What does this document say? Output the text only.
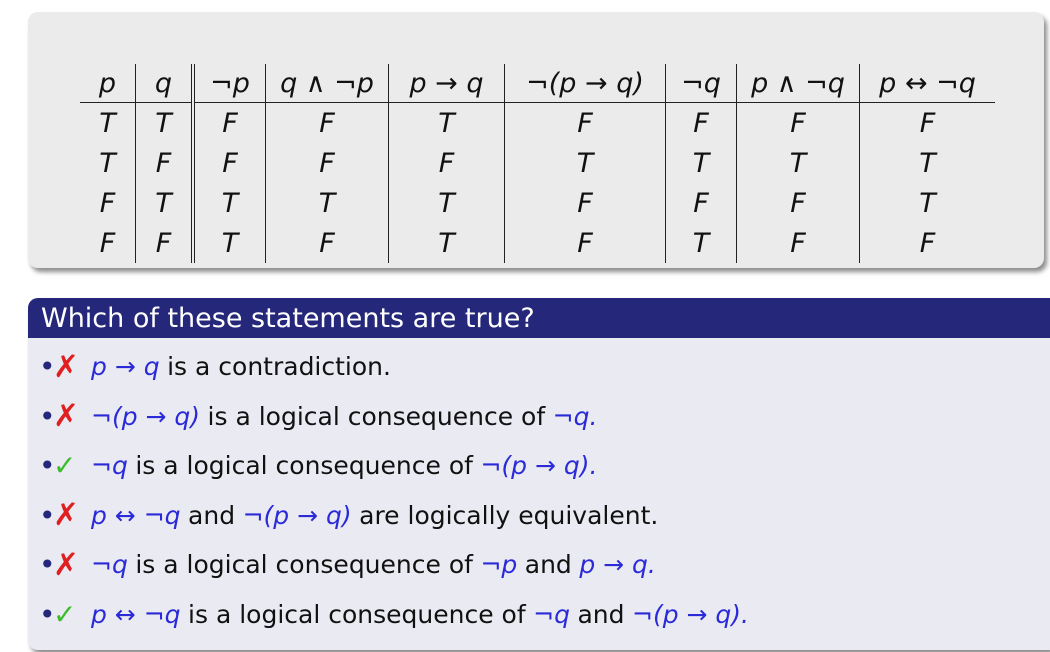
p	q	¬p	q ∧ ¬p	p → q	¬(p → q)	¬q	p ∧ ¬q	p ↔ ¬q
T	T	F	F	T	F	F	F	F
T	F	F	F	F	T	T	T	T
F	T	T	T	T	F	F	F	T
F	F	T	F	T	F	T	F	F
Which of these statements are true?
•
✗ p → q is a contradiction.
•
✗ ¬(p → q) is a logical consequence of ¬q.
•
✓ ¬q is a logical consequence of ¬(p → q).
•
✗ p ↔ ¬q and ¬(p → q) are logically equivalent.
•
✗ ¬q is a logical consequence of ¬p and p → q.
•
✓ p ↔ ¬q is a logical consequence of ¬q and ¬(p → q).
